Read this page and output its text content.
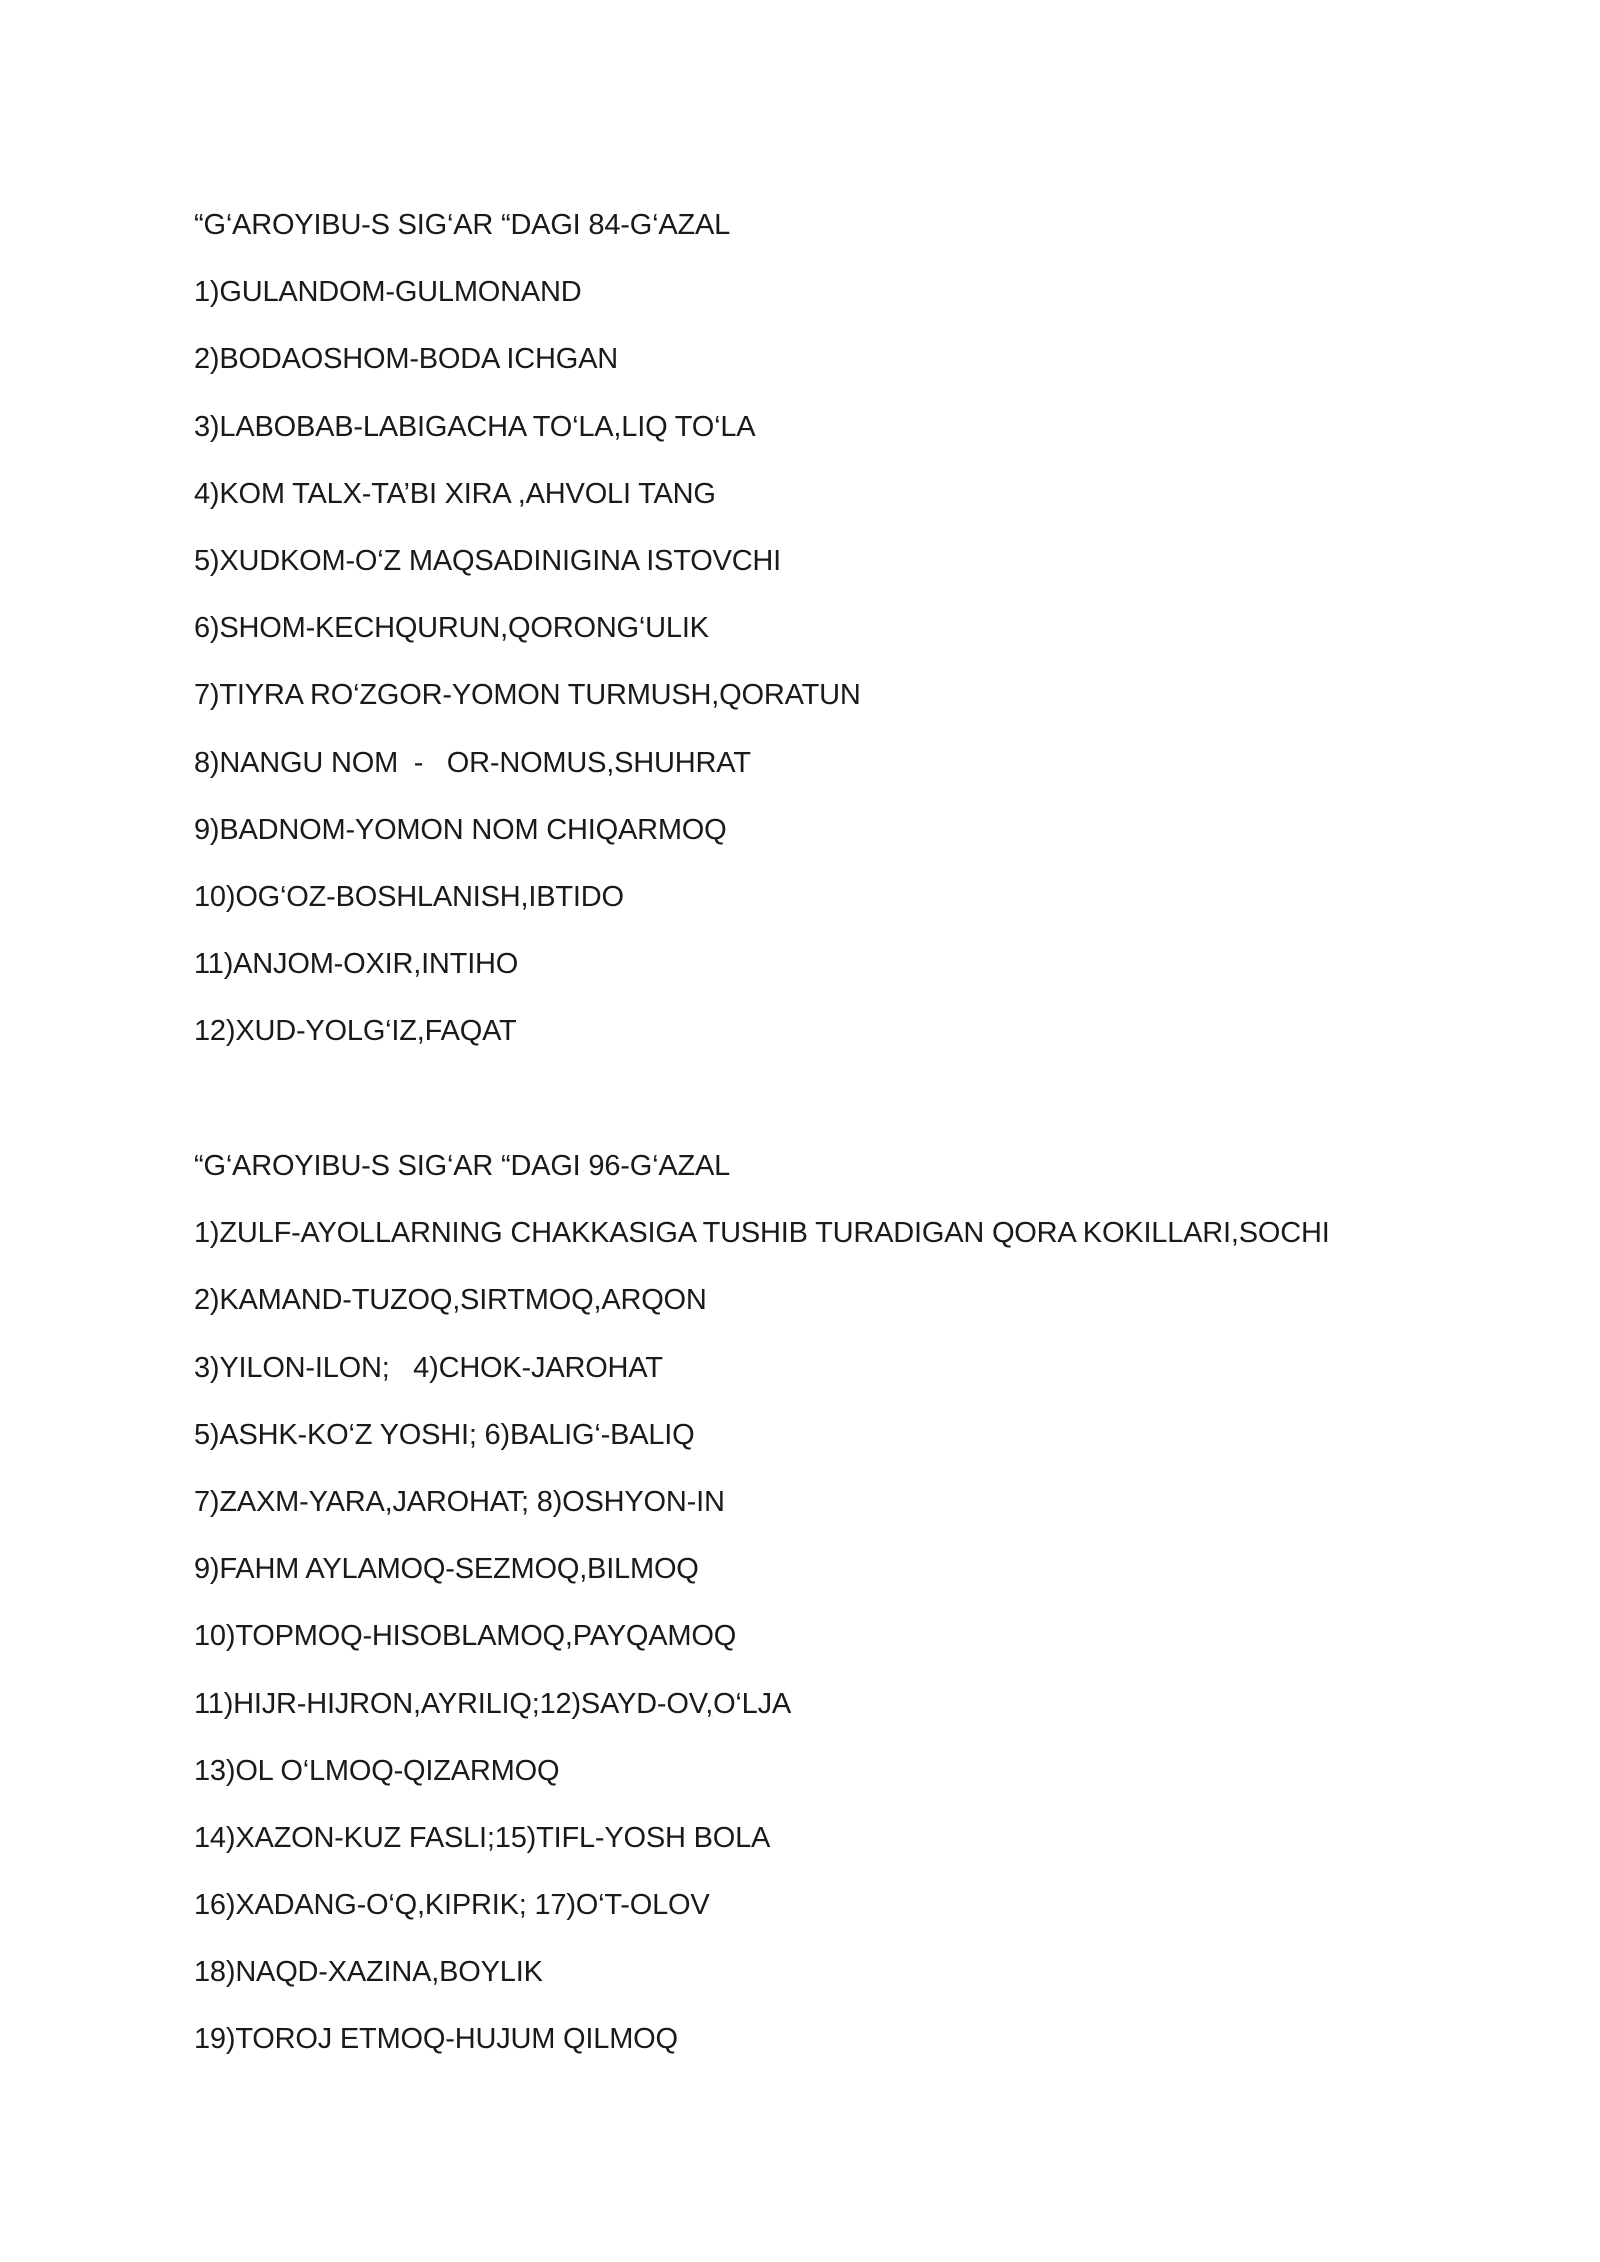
“G‘AROYIBU-S SIG‘AR “DAGI 84-G‘AZAL
1)GULANDOM-GULMONAND
2)BODAOSHOM-BODA ICHGAN
3)LABOBAB-LABIGACHA TO‘LA,LIQ TO‘LA
4)KOM TALX-TA’BI XIRA ,AHVOLI TANG
5)XUDKOM-O‘Z MAQSADINIGINA ISTOVCHI
6)SHOM-KECHQURUN,QORONG‘ULIK
7)TIYRA RO‘ZGOR-YOMON TURMUSH,QORATUN
8)NANGU NOM  -   OR-NOMUS,SHUHRAT
9)BADNOM-YOMON NOM CHIQARMOQ
10)OG‘OZ-BOSHLANISH,IBTIDO
11)ANJOM-OXIR,INTIHO
12)XUD-YOLG‘IZ,FAQAT
“G‘AROYIBU-S SIG‘AR “DAGI 96-G‘AZAL
1)ZULF-AYOLLARNING CHAKKASIGA TUSHIB TURADIGAN QORA KOKILLARI,SOCHI
2)KAMAND-TUZOQ,SIRTMOQ,ARQON
3)YILON-ILON;   4)CHOK-JAROHAT
5)ASHK-KO‘Z YOSHI; 6)BALIG‘-BALIQ
7)ZAXM-YARA,JAROHAT; 8)OSHYON-IN
9)FAHM AYLAMOQ-SEZMOQ,BILMOQ
10)TOPMOQ-HISOBLAMOQ,PAYQAMOQ
11)HIJR-HIJRON,AYRILIQ;12)SAYD-OV,O‘LJA
13)OL O‘LMOQ-QIZARMOQ
14)XAZON-KUZ FASLI;15)TIFL-YOSH BOLA
16)XADANG-O‘Q,KIPRIK; 17)O‘T-OLOV
18)NAQD-XAZINA,BOYLIK
19)TOROJ ETMOQ-HUJUM QILMOQ
